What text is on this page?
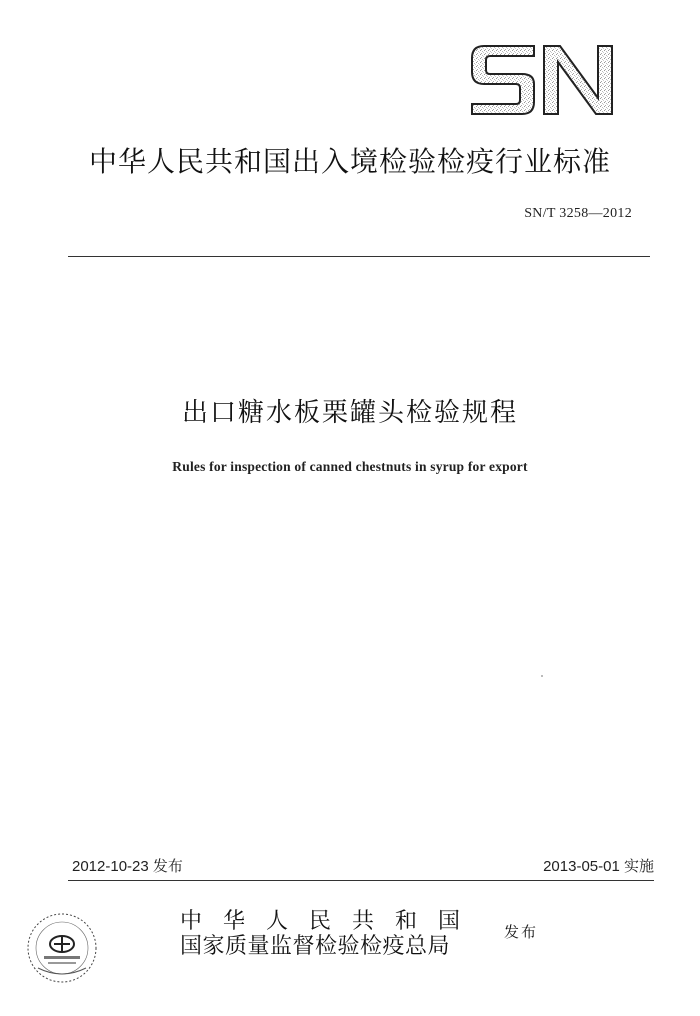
中华人民共和国出入境检验检疫行业标准
SN/T 3258—2012
出口糖水板栗罐头检验规程
Rules for inspection of canned chestnuts in syrup for export
2012-10-23 发布	2013-05-01 实施
中华人民共和国
国家质量监督检验检疫总局
发布
